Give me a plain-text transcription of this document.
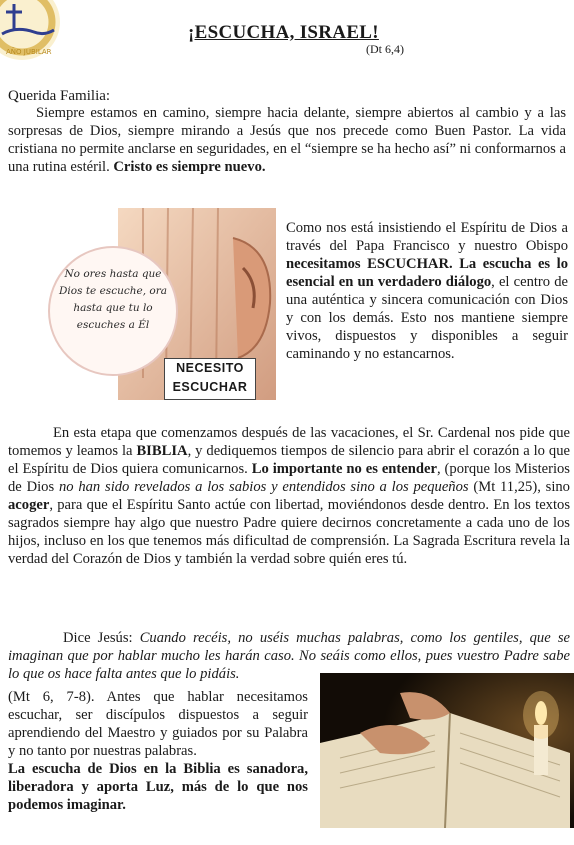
AÑO JUBILAR
¡ESCUCHA, ISRAEL!
(Dt 6,4)
Querida Familia:
Siempre estamos en camino, siempre hacia delante, siempre abiertos al cambio y a las sorpresas de Dios, siempre mirando a Jesús que nos precede como Buen Pastor. La vida cristiana no permite anclarse en seguridades, en el “siempre se ha hecho así” ni conformarnos a una rutina estéril. Cristo es siempre nuevo.
No ores hasta que Dios te escuche, ora hasta que tu lo escuches a Él
NECESITO
ESCUCHAR
Como nos está insistiendo el Espíritu de Dios a través del Papa Francisco y nuestro Obispo necesitamos ESCUCHAR. La escucha es lo esencial en un verdadero diálogo, el centro de una auténtica y sincera comunicación con Dios y con los demás. Esto nos mantiene siempre vivos, dispuestos y disponibles a seguir caminando y no estancarnos.
En esta etapa que comenzamos después de las vacaciones, el Sr. Cardenal nos pide que tomemos y leamos la BIBLIA, y dediquemos tiempos de silencio para abrir el corazón a lo que el Espíritu de Dios quiera comunicarnos. Lo importante no es entender, (porque los Misterios de Dios no han sido revelados a los sabios y entendidos sino a los pequeños (Mt 11,25), sino acoger, para que el Espíritu Santo actúe con libertad, moviéndonos desde dentro. En los textos sagrados siempre hay algo que nuestro Padre quiere decirnos concretamente a cada uno de los hijos, incluso en los que tenemos más dificultad de comprensión. La Sagrada Escritura revela la verdad del Corazón de Dios y también la verdad sobre quién eres tú.
Dice Jesús: Cuando recéis, no uséis muchas palabras, como los gentiles, que se imaginan que por hablar mucho les harán caso. No seáis como ellos, pues vuestro Padre sabe lo que os hace falta antes que lo pidáis.
(Mt 6, 7-8). Antes que hablar necesitamos escuchar, ser discípulos dispuestos a seguir aprendiendo del Maestro y guiados por su Palabra y no tanto por nuestras palabras.
La escucha de Dios en la Biblia es sanadora, liberadora y aporta Luz, más de lo que nos podemos imaginar.
